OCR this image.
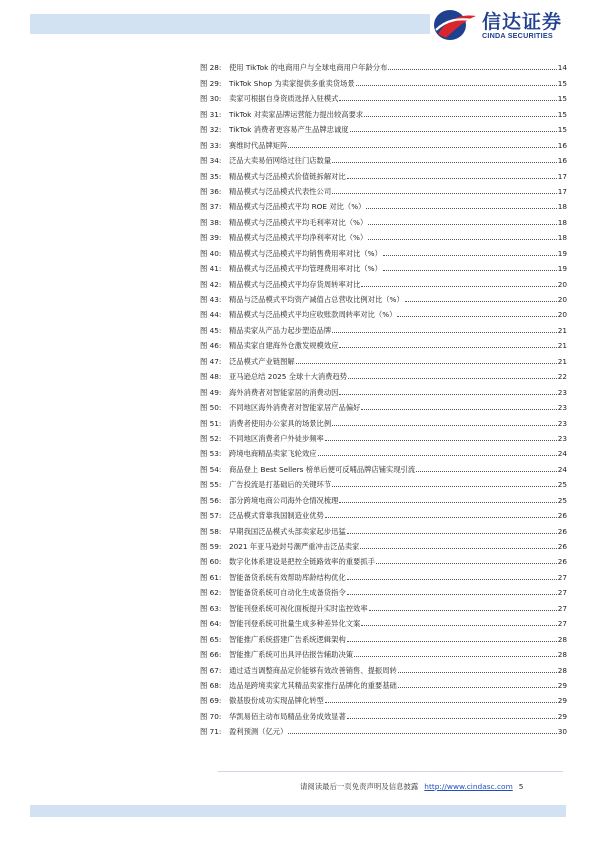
信达证券
CINDA SECURITIES
图 28:	使用 TikTok 的电商用户与全球电商用户年龄分布	14
图 29:	TikTok Shop 为卖家提供多重卖货场景	15
图 30:	卖家可根据自身资质选择入驻模式	15
图 31:	TikTok 对卖家品牌运营能力提出较高要求	15
图 32:	TikTok 消费者更容易产生品牌忠诚度	15
图 33:	赛维时代品牌矩阵	16
图 34:	泛品大卖易佰网络过往门店数量	16
图 35:	精品模式与泛品模式价值链拆解对比	17
图 36:	精品模式与泛品模式代表性公司	17
图 37:	精品模式与泛品模式平均 ROE 对比（%）	18
图 38:	精品模式与泛品模式平均毛利率对比（%）	18
图 39:	精品模式与泛品模式平均净利率对比（%）	18
图 40:	精品模式与泛品模式平均销售费用率对比（%）	19
图 41:	精品模式与泛品模式平均管理费用率对比（%）	19
图 42:	精品模式与泛品模式平均存货周转率对比	20
图 43:	精品与泛品模式平均资产减值占总营收比例对比（%）	20
图 44:	精品模式与泛品模式平均应收账款周转率对比（%）	20
图 45:	精品卖家从产品力起步塑造品牌	21
图 46:	精品卖家自建海外仓激发规模效应	21
图 47:	泛品模式产业链图解	21
图 48:	亚马逊总结 2025 全球十大消费趋势	22
图 49:	海外消费者对智能家居的消费动因	23
图 50:	不同地区海外消费者对智能家居产品偏好	23
图 51:	消费者使用办公家具的场景比例	23
图 52:	不同地区消费者户外徒步频率	23
图 53:	跨境电商精品卖家飞轮效应	24
图 54:	商品登上 Best Sellers 榜单后便可反哺品牌店铺实现引流	24
图 55:	广告投流是打基础后的关键环节	25
图 56:	部分跨境电商公司海外仓情况梳理	25
图 57:	泛品模式背靠我国制造业优势	26
图 58:	早期我国泛品模式头部卖家起步迅猛	26
图 59:	2021 年亚马逊封号潮严重冲击泛品卖家	26
图 60:	数字化体系建设是把控全链路效率的重要抓手	26
图 61:	智能备货系统有效帮助库龄结构优化	27
图 62:	智能备货系统可自动化生成备货指令	27
图 63:	智能刊登系统可视化面板提升实时监控效率	27
图 64:	智能刊登系统可批量生成多种差异化文案	27
图 65:	智能推广系统搭建广告系统逻辑架构	28
图 66:	智能推广系统可出具评估报告辅助决策	28
图 67:	通过适当调整商品定价能够有效改善销售、提振周转	28
图 68:	选品是跨境卖家尤其精品卖家推行品牌化的重要基础	29
图 69:	傲基股份成功实现品牌化转型	29
图 70:	华凯易佰主动布局精品业务成效显著	29
图 71:	盈利预测（亿元）	30
请阅读最后一页免责声明及信息披露 http://www.cindasc.com 5
